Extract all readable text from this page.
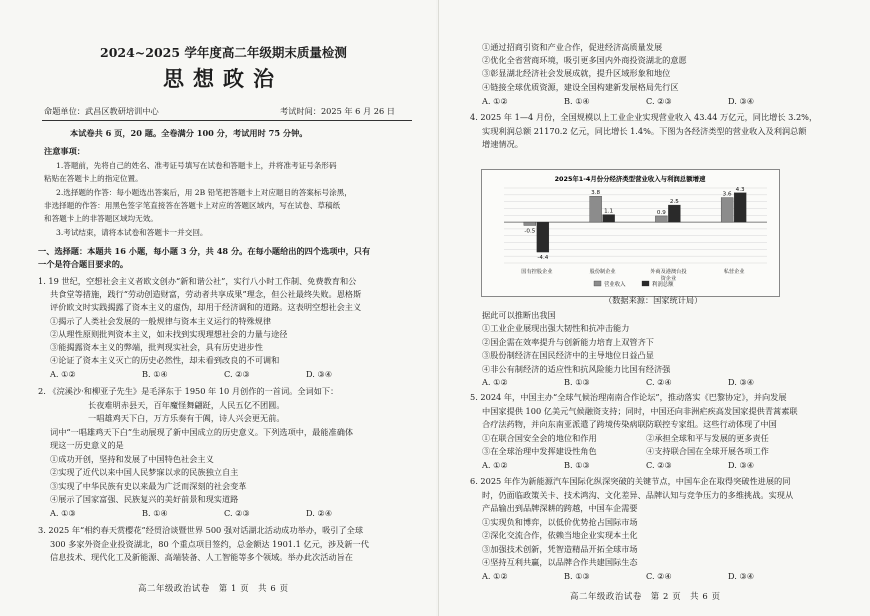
2024~2025 学年度高二年级期末质量检测
思想政治
命题单位：武昌区教研培训中心	考试时间：2025 年 6 月 26 日
本试卷共 6 页，20 题。全卷满分 100 分，考试用时 75 分钟。
注意事项：
1.答题前，先将自己的姓名、准考证号填写在试卷和答题卡上，并将准考证号条形码
粘贴在答题卡上的指定位置。
2.选择题的作答：每小题选出答案后，用 2B 铅笔把答题卡上对应题目的答案标号涂黑，
非选择题的作答：用黑色签字笔直接答在答题卡上对应的答题区域内，写在试卷、草稿纸
和答题卡上的非答题区域均无效。
3.考试结束，请将本试卷和答题卡一并交回。
一、选择题：本题共 16 小题，每小题 3 分，共 48 分。在每小题给出的四个选项中，只有
一个是符合题目要求的。
1. 19 世纪，空想社会主义者欧文创办“新和谐公社”，实行八小时工作制、免费教育和公
共食堂等措施，践行“劳动创造财富，劳动者共享成果”理念，但公社最终失败。恩格斯
评价欧文时实践揭露了资本主义的虚伪，却用于经济调和的道路。这表明空想社会主义
①揭示了人类社会发展的一般规律与资本主义运行的特殊规律
②从理性原则批判资本主义，如未找到实现理想社会的力量与途径
③能揭露资本主义的弊端，批判现实社会，具有历史进步性
④论证了资本主义灭亡的历史必然性，却未看到改良的不可调和
A. ①②	B. ①④	C. ②③	D. ③④
2. 《浣溪沙·和柳亚子先生》是毛泽东于 1950 年 10 月创作的一首词。全词如下：
长夜难明赤县天，百年魔怪舞翩跹，人民五亿不团圆。
一唱雄鸡天下白，万方乐奏有于阗，诗人兴会更无前。
词中“一唱雄鸡天下白”生动展现了新中国成立的历史意义。下列选项中，最能准确体
现这一历史意义的是
①成功开创，坚持和发展了中国特色社会主义
②实现了近代以来中国人民梦寐以求的民族独立自主
③实现了中华民族有史以来最为广泛而深刻的社会变革
④展示了国家富强、民族复兴的美好前景和现实道路
A. ①③	B. ①④	C. ②③	D. ②④
3. 2025 年“相约春天赏樱花”经贸洽谈暨世界 500 强对话湖北活动成功举办，吸引了全球
300 多家外资企业投资湖北，80 个重点项目签约，总金额达 1901.1 亿元，涉及新一代
信息技术、现代化工及新能源、高端装备、人工智能等多个领域。举办此次活动旨在
高二年级政治试卷　第 1 页　共 6 页
①通过招商引资和产业合作，促进经济高质量发展
②优化全省营商环境，吸引更多国内外商投资湖北的意愿
③彰显湖北经济社会发展成就，提升区域形象和地位
④链接全球优质资源，建设全国构建新发展格局先行区
A. ①②	B. ①④	C. ②③	D. ③④
4. 2025 年 1—4 月份，全国规模以上工业企业实现营业收入 43.44 万亿元，同比增长 3.2%，
实现利润总额 21170.2 亿元，同比增长 1.4%。下图为各经济类型的营业收入及利润总额
增速情况。
2025年1-4月份分经济类型营业收入与利润总额增速
-0.5
-4.4
3.8
1.1	0.9
2.5
3.6
4.3
国有控股企业	股份制企业	外商及港澳台投
资企业
私营企业
营业收入	利润总额
（数据来源：国家统计局）
据此可以推断出我国
①工业企业展现出强大韧性和抗冲击能力
②国企需在效率提升与创新能力培育上双管齐下
③股份制经济在国民经济中的主导地位日益凸显
④非公有制经济的适应性和抗风险能力比国有经济强
A. ①②	B. ①③	C. ②④	D. ③④
5. 2024 年，中国主办“全球气候治理南南合作论坛”，推动落实《巴黎协定》，并向发展
中国家提供 100 亿美元气候融资支持；同时，中国还向非洲疟疾高发国家提供青蒿素联
合疗法药物，并向东南亚派遣了跨境传染病联防联控专家组。这些行动体现了中国
①在联合国安全会的地位和作用	②承担全球和平与发展的更多责任
③在全球治理中发挥建设性角色	④支持联合国在全球开展各项工作
A. ①②	B. ①③	C. ②③	D. ③④
6. 2025 年作为新能源汽车国际化纵深突破的关键节点，中国车企在取得突破性进展的同
时，仍面临政策关卡、技术鸿沟、文化差异、品牌认知与竞争压力的多维挑战。实现从
产品输出到品牌深耕的跨越，中国车企需要
①实现负和博弈，以低价优势抢占国际市场
②深化交流合作，依赖当地企业实现本土化
③加强技术创新，凭智造精品开拓全球市场
④坚持互利共赢，以品牌合作共建国际生态
A. ①②	B. ①③	C. ②④	D. ③④
高二年级政治试卷　第 2 页　共 6 页
